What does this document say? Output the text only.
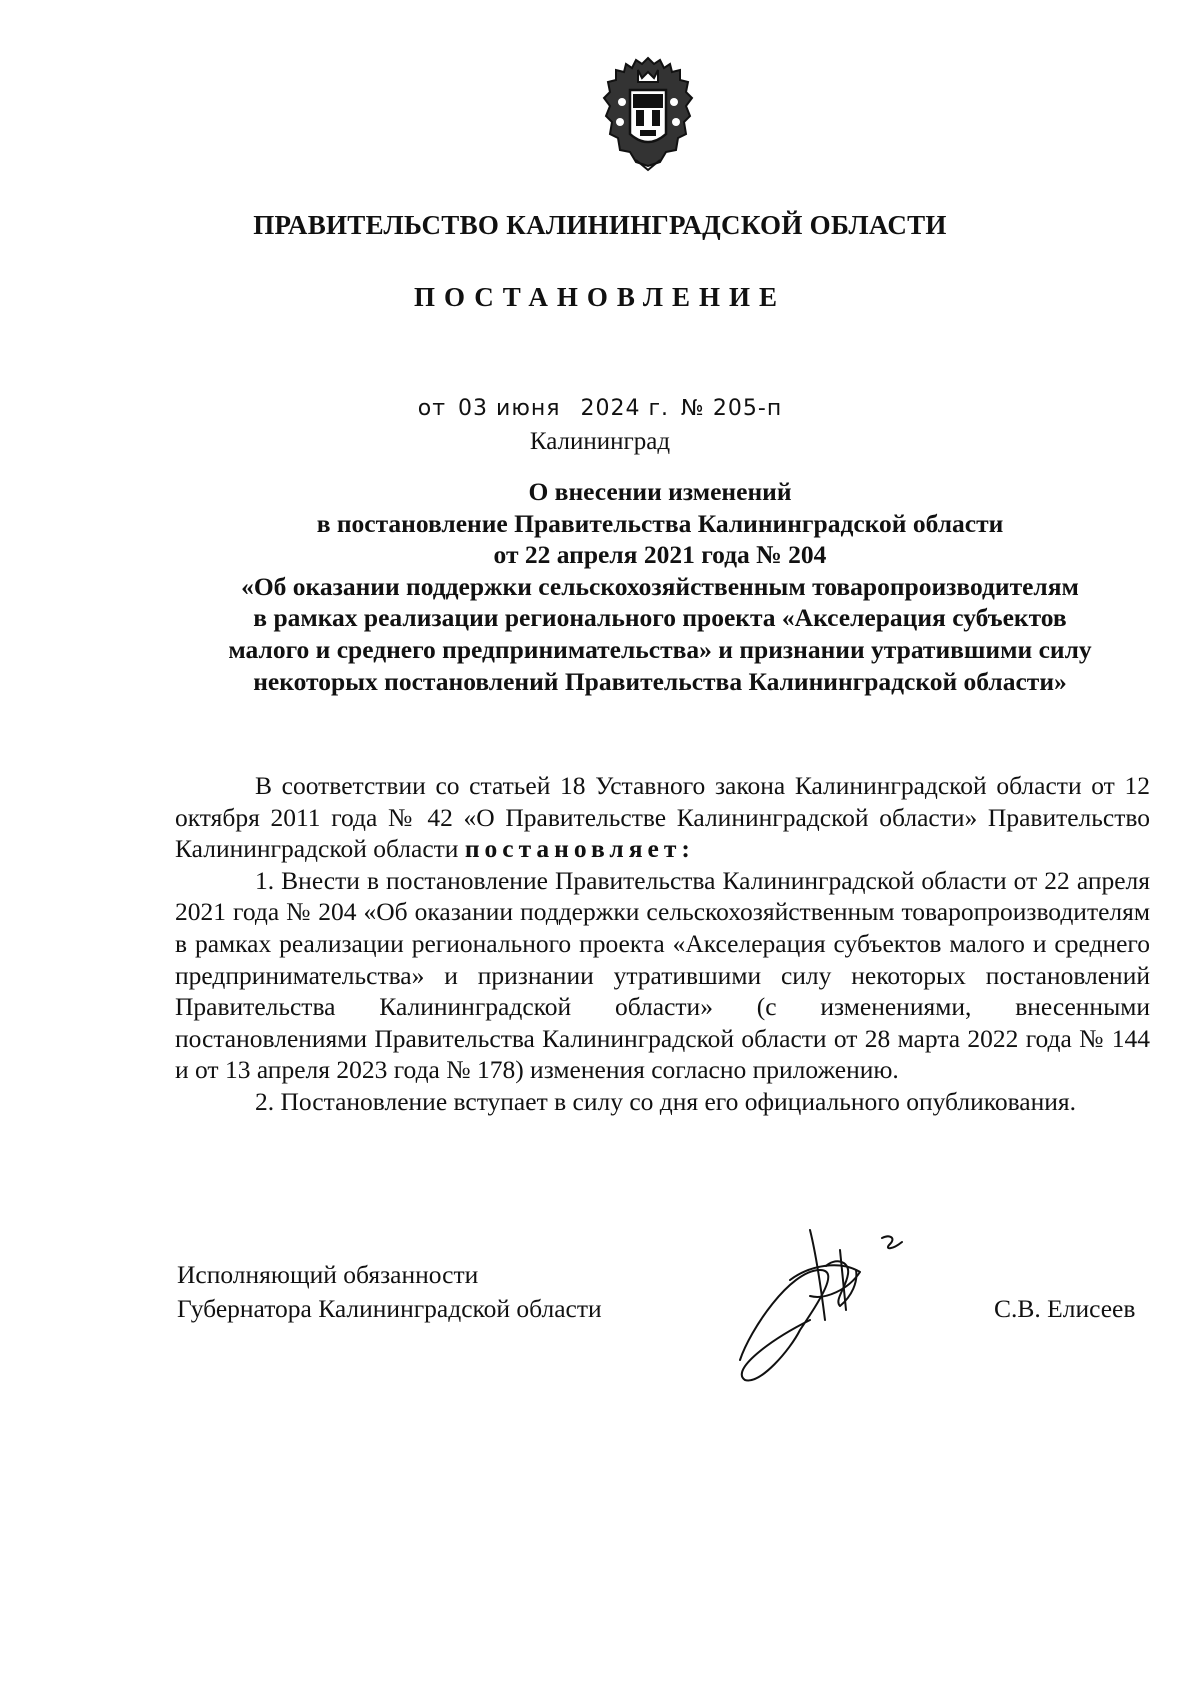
ПРАВИТЕЛЬСТВО КАЛИНИНГРАДСКОЙ ОБЛАСТИ
ПОСТАНОВЛЕНИЕ
от 03 июня 2024 г. № 205-п
Калининград
О внесении изменений
в постановление Правительства Калининградской области
от 22 апреля 2021 года № 204
«Об оказании поддержки сельскохозяйственным товаропроизводителям
в рамках реализации регионального проекта «Акселерация субъектов
малого и среднего предпринимательства» и признании утратившими силу
некоторых постановлений Правительства Калининградской области»

В соответствии со статьей 18 Уставного закона Калининградской области от 12 октября 2011 года № 42 «О Правительстве Калининградской области» Правительство Калининградской области постановляет:

1. Внести в постановление Правительства Калининградской области от 22 апреля 2021 года № 204 «Об оказании поддержки сельскохозяйственным товаропроизводителям в рамках реализации регионального проекта «Акселерация субъектов малого и среднего предпринимательства» и признании утратившими силу некоторых постановлений Правительства Калининградской области» (с изменениями, внесенными постановлениями Правительства Калининградской области от 28 марта 2022 года № 144 и от 13 апреля 2023 года № 178) изменения согласно приложению.

2. Постановление вступает в силу со дня его официального опубликования.

Исполняющий обязанности
Губернатора Калининградской области	С.В. Елисеев
